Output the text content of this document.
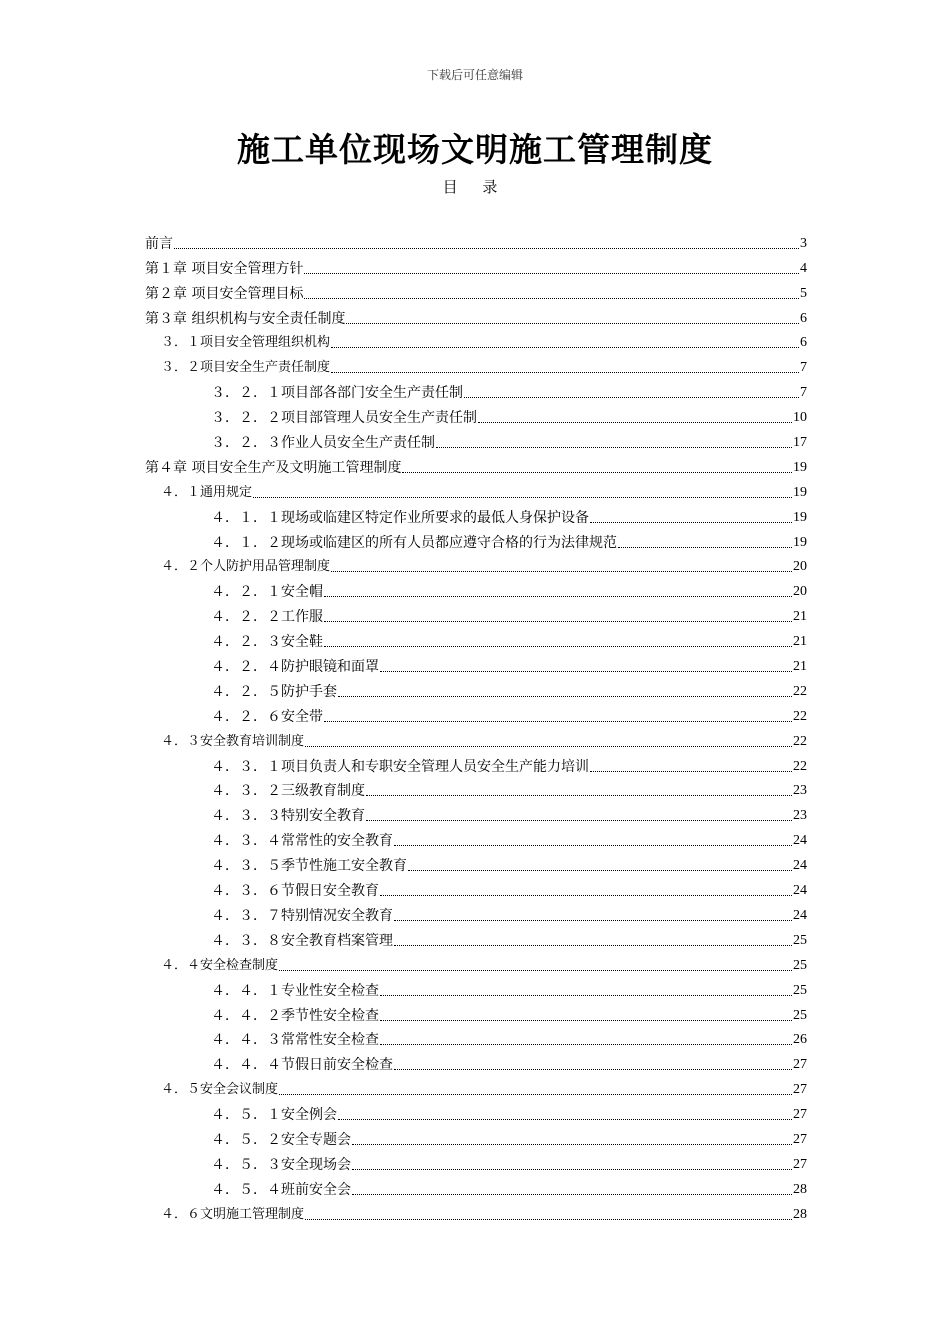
下载后可任意编辑
施工单位现场文明施工管理制度
目 录
前言	3
第１章 项目安全管理方针	4
第２章 项目安全管理目标	5
第３章 组织机构与安全责任制度	6
３．１项目安全管理组织机构	6
３．２项目安全生产责任制度	7
３．２．１项目部各部门安全生产责任制	7
３．２．２项目部管理人员安全生产责任制	10
３．２．３作业人员安全生产责任制	17
第４章 项目安全生产及文明施工管理制度	19
４．１通用规定	19
４．１．１现场或临建区特定作业所要求的最低人身保护设备	19
４．１．２现场或临建区的所有人员都应遵守合格的行为法律规范	19
４．２个人防护用品管理制度	20
４．２．１安全帽	20
４．２．２工作服	21
４．２．３安全鞋	21
４．２．４防护眼镜和面罩	21
４．２．５防护手套	22
４．２．６安全带	22
４．３安全教育培训制度	22
４．３．１项目负责人和专职安全管理人员安全生产能力培训	22
４．３．２三级教育制度	23
４．３．３特别安全教育	23
４．３．４常常性的安全教育	24
４．３．５季节性施工安全教育	24
４．３．６节假日安全教育	24
４．３．７特别情况安全教育	24
４．３．８安全教育档案管理	25
４．４安全检查制度	25
４．４．１专业性安全检查	25
４．４．２季节性安全检查	25
４．４．３常常性安全检查	26
４．４．４节假日前安全检查	27
４．５安全会议制度	27
４．５．１安全例会	27
４．５．２安全专题会	27
４．５．３安全现场会	27
４．５．４班前安全会	28
４．６文明施工管理制度	28
